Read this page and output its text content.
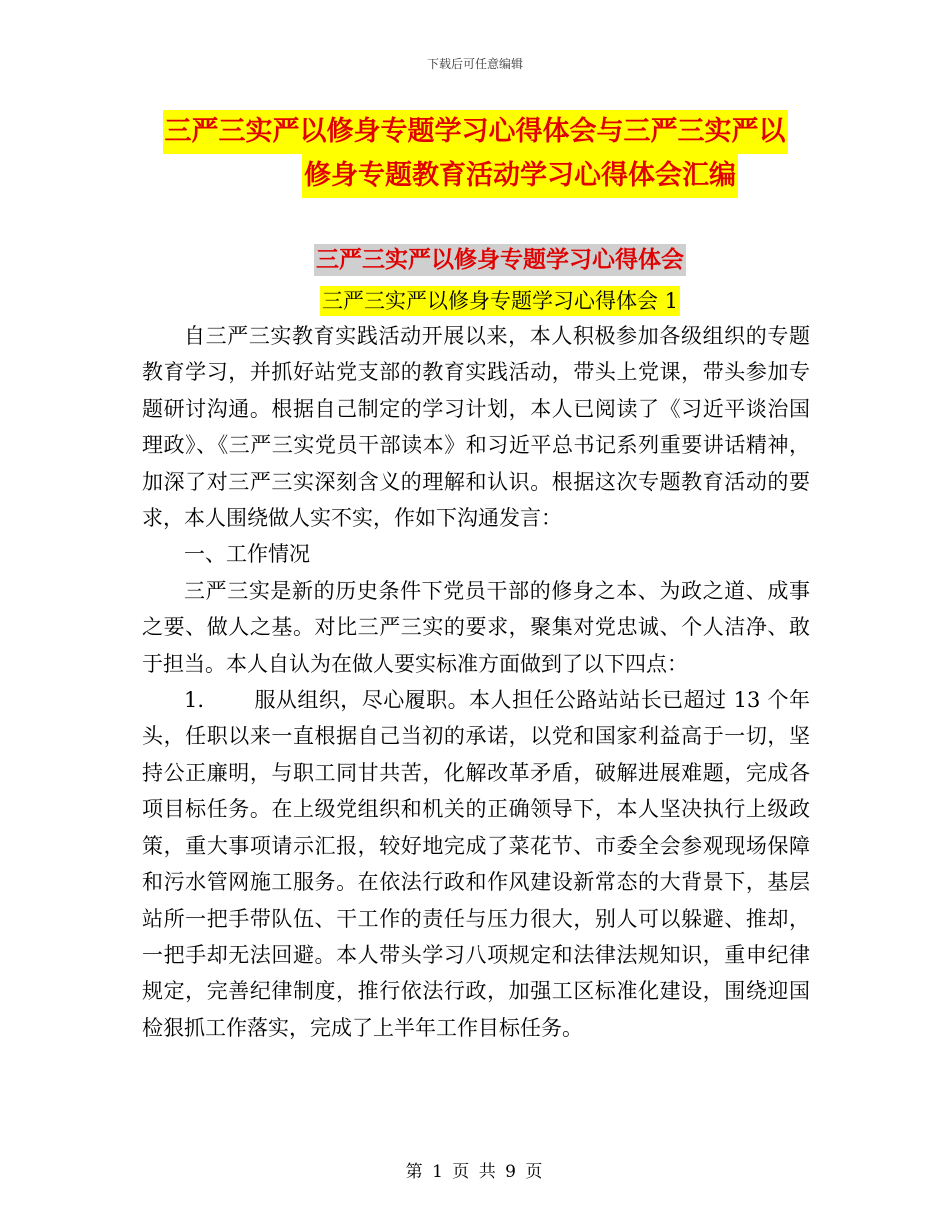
下载后可任意编辑
三严三实严以修身专题学习心得体会与三严三实严以
修身专题教育活动学习心得体会汇编
三严三实严以修身专题学习心得体会
三严三实严以修身专题学习心得体会 1

自三严三实教育实践活动开展以来，本人积极参加各级组织的专题教育学习，并抓好站党支部的教育实践活动，带头上党课，带头参加专题研讨沟通。根据自己制定的学习计划，本人已阅读了《习近平谈治国理政》、《三严三实党员干部读本》和习近平总书记系列重要讲话精神，加深了对三严三实深刻含义的理解和认识。根据这次专题教育活动的要求，本人围绕做人实不实，作如下沟通发言：

一、工作情况

三严三实是新的历史条件下党员干部的修身之本、为政之道、成事之要、做人之基。对比三严三实的要求，聚集对党忠诚、个人洁净、敢于担当。本人自认为在做人要实标准方面做到了以下四点：

1. 服从组织，尽心履职。本人担任公路站站长已超过 13 个年头，任职以来一直根据自己当初的承诺，以党和国家利益高于一切，坚持公正廉明，与职工同甘共苦，化解改革矛盾，破解进展难题，完成各项目标任务。在上级党组织和机关的正确领导下，本人坚决执行上级政策，重大事项请示汇报，较好地完成了菜花节、市委全会参观现场保障和污水管网施工服务。在依法行政和作风建设新常态的大背景下，基层站所一把手带队伍、干工作的责任与压力很大，别人可以躲避、推却，一把手却无法回避。本人带头学习八项规定和法律法规知识，重申纪律规定，完善纪律制度，推行依法行政，加强工区标准化建设，围绕迎国检狠抓工作落实，完成了上半年工作目标任务。

第 1 页 共 9 页
